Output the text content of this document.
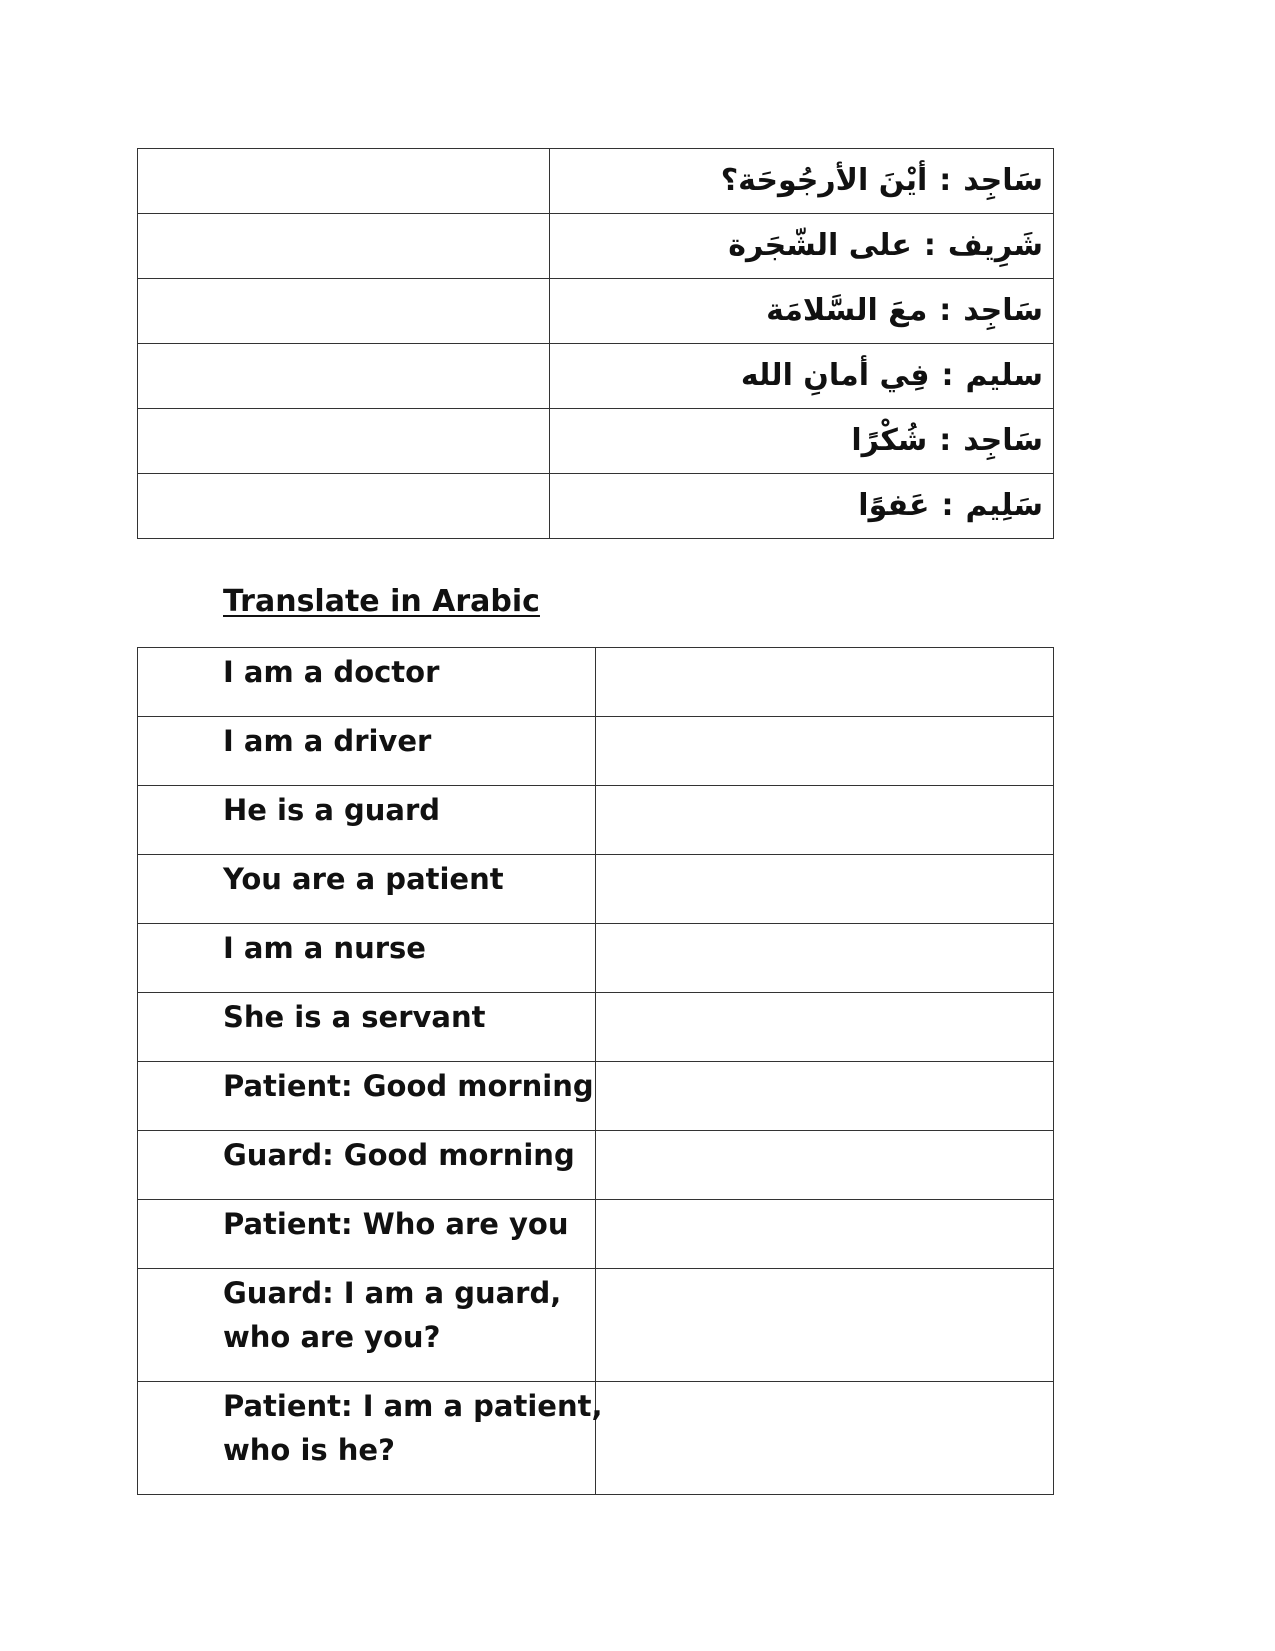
	سَاجِد:أيْنَ الأرجُوحَة؟
	شَرِيف:على الشّجَرة
	سَاجِد:معَ السَّلامَة
	سليم:فِي أمانِ الله
	سَاجِد:شُكْرًا
	سَلِيم:عَفوًا
Translate in Arabic
I am a doctor	

I am a driver	

He is a guard	

You are a patient	

I am a nurse	

She is a servant	

Patient: Good morning	

Guard: Good morning	

Patient: Who are you	

Guard: I am a guard,
who are you?	

Patient: I am a patient,
who is he?	
